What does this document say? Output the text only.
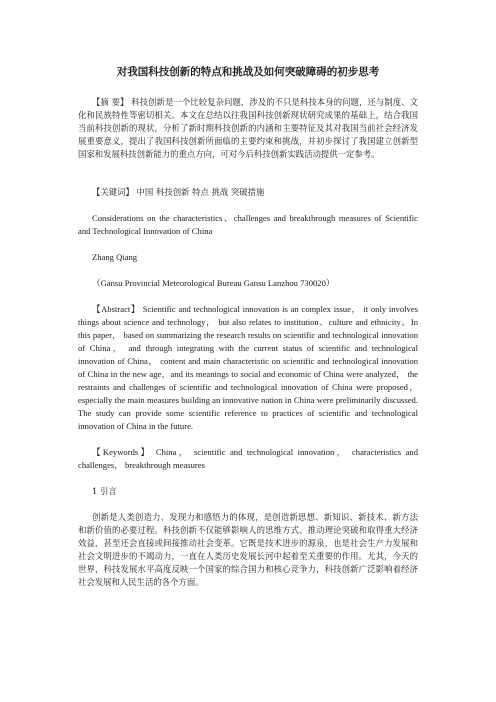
对我国科技创新的特点和挑战及如何突破障碍的初步思考

【摘 要】 科技创新是一个比较复杂问题，涉及的不只是科技本身的问题，还与制度、文化和民族特性等密切相关。本文在总结以往我国科技创新现状研究成果的基础上，结合我国当前科技创新的现状，分析了新时期科技创新的内涵和主要特征及其对我国当前社会经济发展重要意义，提出了我国科技创新所面临的主要约束和挑战，并初步探讨了我国建立创新型国家和发展科技创新能力的重点方向，可对今后科技创新实践活动提供一定参考。

【关键词】 中国 科技创新 特点 挑战 突破措施

Considerations on the characteristics、challenges and breakthrough measures of Scientific and Technological Innovation of China

Zhang Qiang

（Gansu Provincial Meteorological Bureau Gansu Lanzhou 730020）

【Abstract】 Scientific and technological innovation is an complex issue， it only involves things about science and technology， but also relates to institution、culture and ethnicity。In this paper， based on summarizing the research results on scientific and technological innovation of China， and through integrating with the current status of scientific and technological innovation of China， content and main characteristic on scientific and technological innovation of China in the new age，and its meanings to social and economic of China were analyzed， the restraints and challenges of scientific and technological innovation of China were proposed，especially the main measures building an innovative nation in China were preliminarily discussed. The study can provide some scientific reference to practices of scientific and technological innovation of China in the future.

【Keywords】 China， scientific and technological innovation， characteristics and challenges， breakthrough measures

1 引言

创新是人类创造力、发现力和感悟力的体现，是创造新思想、新知识、新技术、新方法和新价值的必要过程。科技创新不仅能够影响人的思维方式、推动理论突破和取得重大经济效益，甚至还会直接或间接推动社会变革。它既是技术进步的源泉，也是社会生产力发展和社会文明进步的不竭动力，一直在人类历史发展长河中起着至关重要的作用。尤其，今天的世界，科技发展水平高度反映一个国家的综合国力和核心竞争力，科技创新广泛影响着经济社会发展和人民生活的各个方面。
